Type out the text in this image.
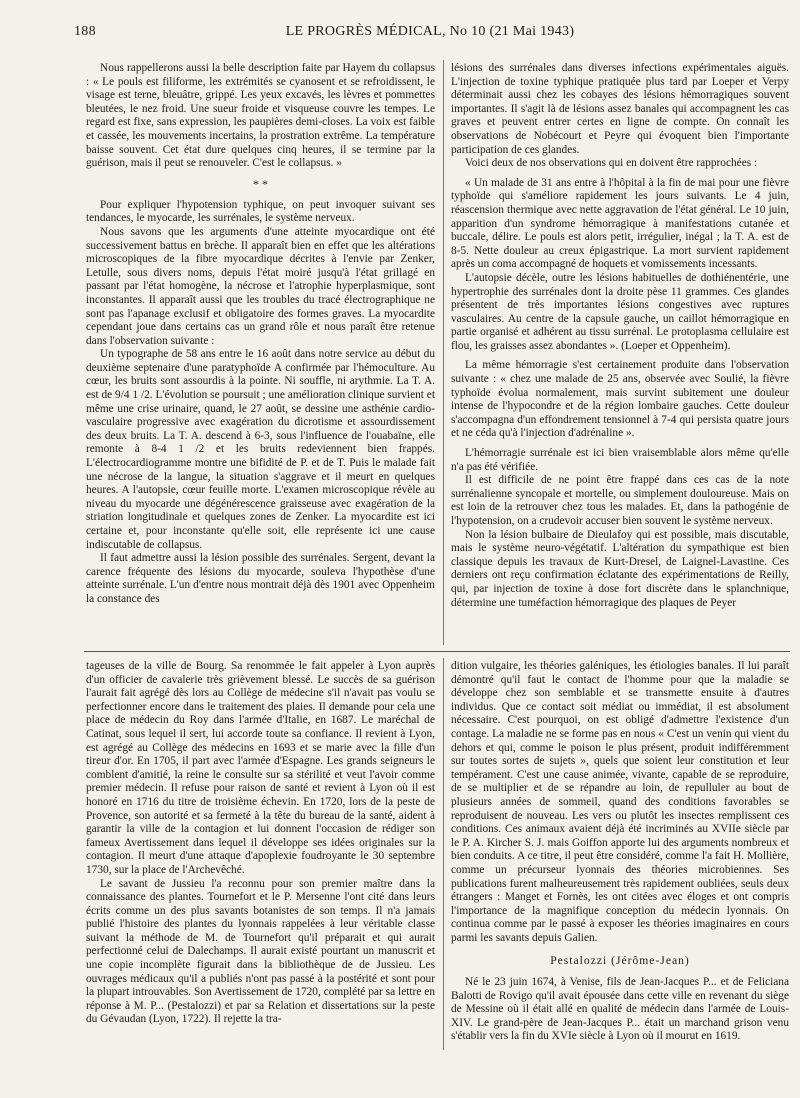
188	LE PROGRÈS MÉDICAL, No 10 (21 Mai 1943)

Nous rappellerons aussi la belle description faite par Hayem du collapsus : « Le pouls est filiforme, les extrémités se cyanosent et se refroidissent, le visage est terne, bleuâtre, grippé. Les yeux excavés, les lèvres et pommettes bleutées, le nez froid. Une sueur froide et visqueuse couvre les tempes. Le regard est fixe, sans expression, les paupières demi-closes. La voix est faible et cassée, les mouvements incertains, la prostration extrême. La température baisse souvent. Cet état dure quelques cinq heures, il se termine par la guérison, mais il peut se renouveler. C'est le collapsus. »

* *

Pour expliquer l'hypotension typhique, on peut invoquer suivant ses tendances, le myocarde, les surrénales, le système nerveux.

Nous savons que les arguments d'une atteinte myocardique ont été successivement battus en brèche. Il apparaît bien en effet que les altérations microscopiques de la fibre myocardique décrites à l'envie par Zenker, Letulle, sous divers noms, depuis l'état moiré jusqu'à l'état grillagé en passant par l'état homogène, la nécrose et l'atrophie hyperplasmique, sont inconstantes. Il apparaît aussi que les troubles du tracé électrographique ne sont pas l'apanage exclusif et obligatoire des formes graves. La myocardite cependant joue dans certains cas un grand rôle et nous paraît être retenue dans l'observation suivante :

Un typographe de 58 ans entre le 16 août dans notre service au début du deuxième septenaire d'une paratyphoïde A confirmée par l'hémoculture. Au cœur, les bruits sont assourdis à la pointe. Ni souffle, ni arythmie. La T. A. est de 9/4 1 /2. L'évolution se poursuit ; une amélioration clinique survient et même une crise urinaire, quand, le 27 août, se dessine une asthénie cardio-vasculaire progressive avec exagération du dicrotisme et assourdissement des deux bruits. La T. A. descend à 6-3, sous l'influence de l'ouabaïne, elle remonte à 8-4 1 /2 et les bruits redeviennent bien frappés. L'électrocardiogramme montre une bifidité de P. et de T. Puis le malade fait une nécrose de la langue, la situation s'aggrave et il meurt en quelques heures. A l'autopsie, cœur feuille morte. L'examen microscopique révèle au niveau du myocarde une dégénérescence graisseuse avec exagération de la striation longitudinale et quelques zones de Zenker. La myocardite est ici certaine et, pour inconstante qu'elle soit, elle représente ici une cause indiscutable de collapsus.

Il faut admettre aussi la lésion possible des surrénales. Sergent, devant la carence fréquente des lésions du myocarde, souleva l'hypothèse d'une atteinte surrénale. L'un d'entre nous montrait déjà dès 1901 avec Oppenheim la constance des

lésions des surrénales dans diverses infections expérimentales aiguës. L'injection de toxine typhique pratiquée plus tard par Loeper et Verpy déterminait aussi chez les cobayes des lésions hémorragiques souvent importantes. Il s'agit là de lésions assez banales qui accompagnent les cas graves et peuvent entrer certes en ligne de compte. On connaît les observations de Nobécourt et Peyre qui évoquent bien l'importante participation de ces glandes.

Voici deux de nos observations qui en doivent être rapprochées :

« Un malade de 31 ans entre à l'hôpital à la fin de mai pour une fièvre typhoïde qui s'améliore rapidement les jours suivants. Le 4 juin, réascension thermique avec nette aggravation de l'état général. Le 10 juin, apparition d'un syndrome hémorragique à manifestations cutanée et buccale, délire. Le pouls est alors petit, irrégulier, inégal ; la T. A. est de 8-5. Nette douleur au creux épigastrique. La mort survient rapidement après un coma accompagné de hoquets et vomissements incessants.

L'autopsie décèle, outre les lésions habituelles de dothiénentérie, une hypertrophie des surrénales dont la droite pèse 11 grammes. Ces glandes présentent de très importantes lésions congestives avec ruptures vasculaires. Au centre de la capsule gauche, un caillot hémorragique en partie organisé et adhérent au tissu surrénal. Le protoplasma cellulaire est flou, les graisses assez abondantes ». (Loeper et Oppenheim).

La même hémorragie s'est certainement produite dans l'observation suivante : « chez une malade de 25 ans, observée avec Soulié, la fièvre typhoïde évolua normalement, mais survint subitement une douleur intense de l'hypocondre et de la région lombaire gauches. Cette douleur s'accompagna d'un effondrement tensionnel à 7-4 qui persista quatre jours et ne céda qu'à l'injection d'adrénaline ».

L'hémorragie surrénale est ici bien vraisemblable alors même qu'elle n'a pas été vérifiée.

Il est difficile de ne point être frappé dans ces cas de la note surrénalienne syncopale et mortelle, ou simplement douloureuse. Mais on est loin de la retrouver chez tous les malades. Et, dans la pathogénie de l'hypotension, on a crudevoir accuser bien souvent le système nerveux.

Non la lésion bulbaire de Dieulafoy qui est possible, mais discutable, mais le système neuro-végétatif. L'altération du sympathique est bien classique depuis les travaux de Kurt-Dresel, de Laignel-Lavastine. Ces derniers ont reçu confirmation éclatante des expérimentations de Reilly, qui, par injection de toxine à dose fort discrète dans le splanchnique, détermine une tuméfaction hémorragique des plaques de Peyer

tageuses de la ville de Bourg. Sa renommée le fait appeler à Lyon auprès d'un officier de cavalerie très grièvement blessé. Le succès de sa guérison l'aurait fait agrégé dès lors au Collège de médecine s'il n'avait pas voulu se perfectionner encore dans le traitement des plaies. Il demande pour cela une place de médecin du Roy dans l'armée d'Italie, en 1687. Le maréchal de Catinat, sous lequel il sert, lui accorde toute sa confiance. Il revient à Lyon, est agrégé au Collège des médecins en 1693 et se marie avec la fille d'un tireur d'or. En 1705, il part avec l'armée d'Espagne. Les grands seigneurs le comblent d'amitié, la reine le consulte sur sa stérilité et veut l'avoir comme premier médecin. Il refuse pour raison de santé et revient à Lyon où il est honoré en 1716 du titre de troisième échevin. En 1720, lors de la peste de Provence, son autorité et sa fermeté à la tête du bureau de la santé, aident à garantir la ville de la contagion et lui donnent l'occasion de rédiger son fameux Avertissement dans lequel il développe ses idées originales sur la contagion. Il meurt d'une attaque d'apoplexie foudroyante le 30 septembre 1730, sur la place de l'Archevêché.

Le savant de Jussieu l'a reconnu pour son premier maître dans la connaissance des plantes. Tournefort et le P. Mersenne l'ont cité dans leurs écrits comme un des plus savants botanistes de son temps. Il n'a jamais publié l'histoire des plantes du lyonnais rappelées à leur véritable classe suivant la méthode de M. de Tournefort qu'il préparait et qui aurait perfectionné celui de Dalechamps. Il aurait existé pourtant un manuscrit et une copie incomplète figurait dans la bibliothèque de de Jussieu. Les ouvrages médicaux qu'il a publiés n'ont pas passé à la postérité et sont pour la plupart introuvables. Son Avertissement de 1720, complété par sa lettre en réponse à M. P... (Pestalozzi) et par sa Relation et dissertations sur la peste du Gévaudan (Lyon, 1722). Il rejette la tra-

dition vulgaire, les théories galéniques, les étiologies banales. Il lui paraît démontré qu'il faut le contact de l'homme pour que la maladie se développe chez son semblable et se transmette ensuite à d'autres individus. Que ce contact soit médiat ou immédiat, il est absolument nécessaire. C'est pourquoi, on est obligé d'admettre l'existence d'un contage. La maladie ne se forme pas en nous « C'est un venin qui vient du dehors et qui, comme le poison le plus présent, produit indifféremment sur toutes sortes de sujets », quels que soient leur constitution et leur tempérament. C'est une cause animée, vivante, capable de se reproduire, de se multiplier et de se répandre au loin, de repulluler au bout de plusieurs années de sommeil, quand des conditions favorables se reproduisent de nouveau. Les vers ou plutôt les insectes remplissent ces conditions. Ces animaux avaient déjà été incriminés au XVIIe siècle par le P. A. Kircher S. J. mais Goiffon apporte lui des arguments nombreux et bien conduits. A ce titre, il peut être considéré, comme l'a fait H. Mollière, comme un précurseur lyonnais des théories microbiennes. Ses publications furent malheureusement très rapidement oubliées, seuls deux étrangers : Manget et Fornès, les ont citées avec éloges et ont compris l'importance de la magnifique conception du médecin lyonnais. On continua comme par le passé à exposer les théories imaginaires en cours parmi les savants depuis Galien.

Pestalozzi (Jérôme-Jean)

Né le 23 juin 1674, à Venise, fils de Jean-Jacques P... et de Feliciana Balotti de Rovigo qu'il avait épousée dans cette ville en revenant du siège de Messine où il était allé en qualité de médecin dans l'armée de Louis-XIV. Le grand-père de Jean-Jacques P... était un marchand grison venu s'établir vers la fin du XVIe siècle à Lyon où il mourut en 1619.
